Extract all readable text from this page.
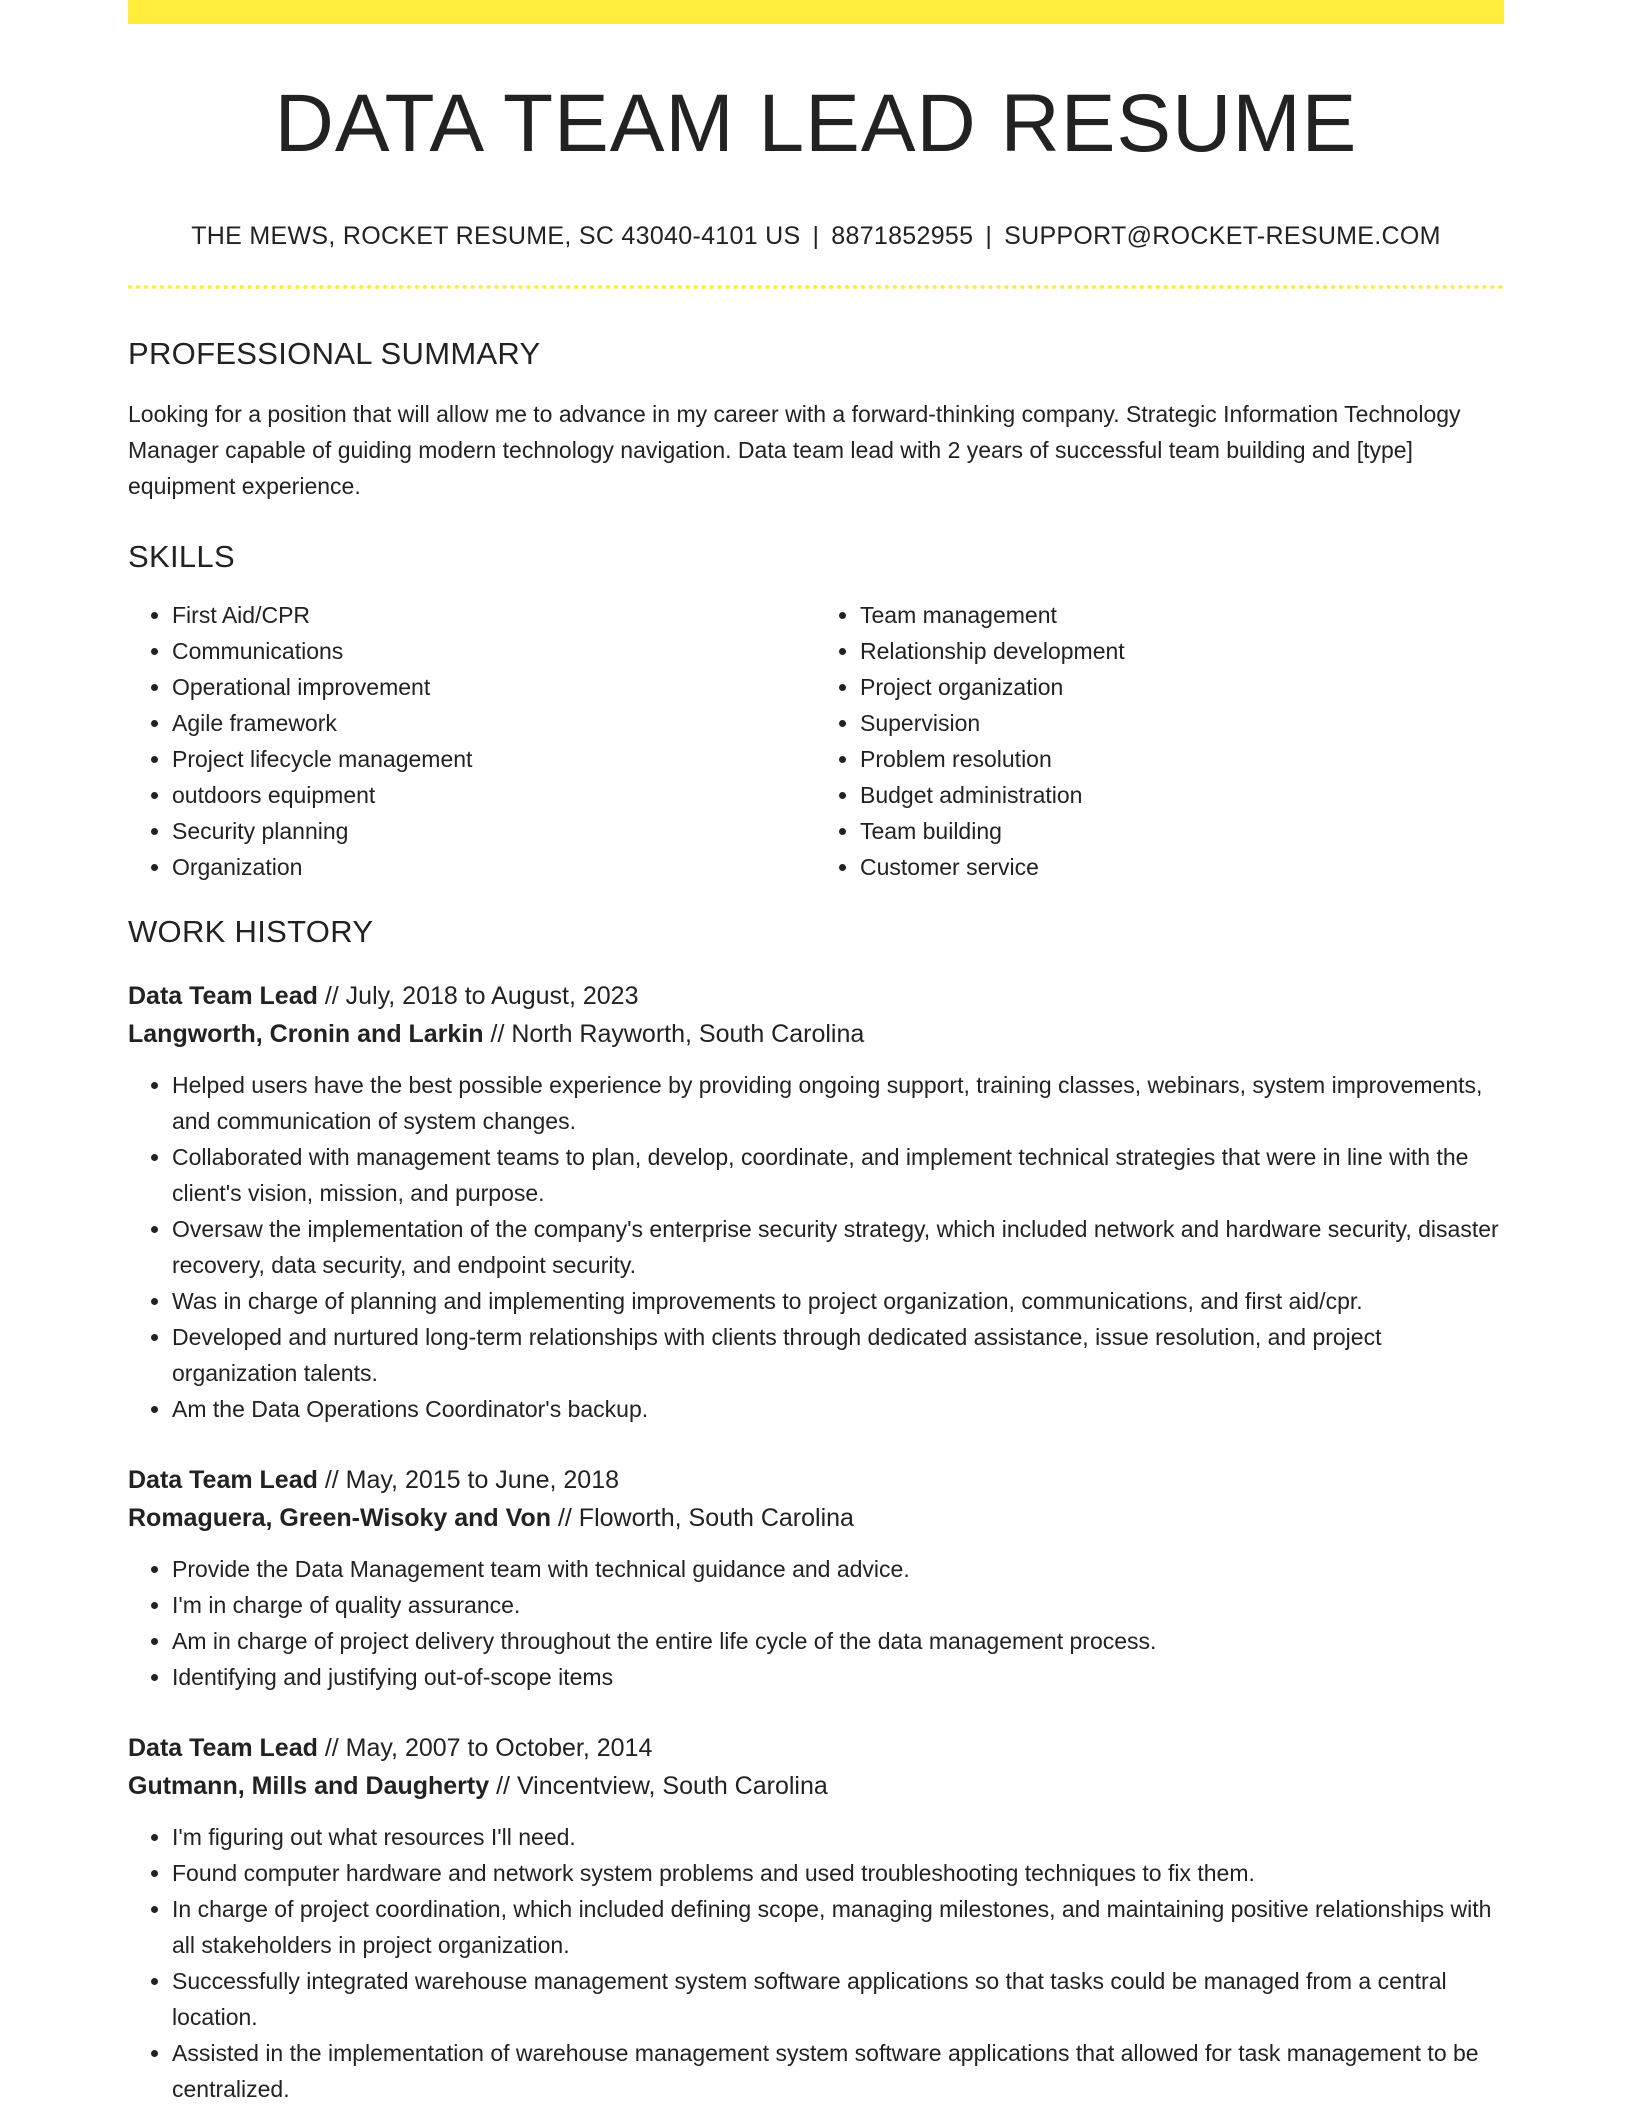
DATA TEAM LEAD RESUME
THE MEWS, ROCKET RESUME, SC 43040-4101 US | 8871852955 | SUPPORT@ROCKET-RESUME.COM
PROFESSIONAL SUMMARY

Looking for a position that will allow me to advance in my career with a forward-thinking company. Strategic Information Technology Manager capable of guiding modern technology navigation. Data team lead with 2 years of successful team building and [type] equipment experience.

SKILLS
• First Aid/CPR
• Communications
• Operational improvement
• Agile framework
• Project lifecycle management
• outdoors equipment
• Security planning
• Organization
• Team management
• Relationship development
• Project organization
• Supervision
• Problem resolution
• Budget administration
• Team building
• Customer service
WORK HISTORY
Data Team Lead // July, 2018 to August, 2023
Langworth, Cronin and Larkin // North Rayworth, South Carolina
• Helped users have the best possible experience by providing ongoing support, training classes, webinars, system improvements, and communication of system changes.
• Collaborated with management teams to plan, develop, coordinate, and implement technical strategies that were in line with the client's vision, mission, and purpose.
• Oversaw the implementation of the company's enterprise security strategy, which included network and hardware security, disaster recovery, data security, and endpoint security.
• Was in charge of planning and implementing improvements to project organization, communications, and first aid/cpr.
• Developed and nurtured long-term relationships with clients through dedicated assistance, issue resolution, and project organization talents.
• Am the Data Operations Coordinator's backup.
Data Team Lead // May, 2015 to June, 2018
Romaguera, Green-Wisoky and Von // Floworth, South Carolina
• Provide the Data Management team with technical guidance and advice.
• I'm in charge of quality assurance.
• Am in charge of project delivery throughout the entire life cycle of the data management process.
• Identifying and justifying out-of-scope items
Data Team Lead // May, 2007 to October, 2014
Gutmann, Mills and Daugherty // Vincentview, South Carolina
• I'm figuring out what resources I'll need.
• Found computer hardware and network system problems and used troubleshooting techniques to fix them.
• In charge of project coordination, which included defining scope, managing milestones, and maintaining positive relationships with all stakeholders in project organization.
• Successfully integrated warehouse management system software applications so that tasks could be managed from a central location.
• Assisted in the implementation of warehouse management system software applications that allowed for task management to be centralized.
